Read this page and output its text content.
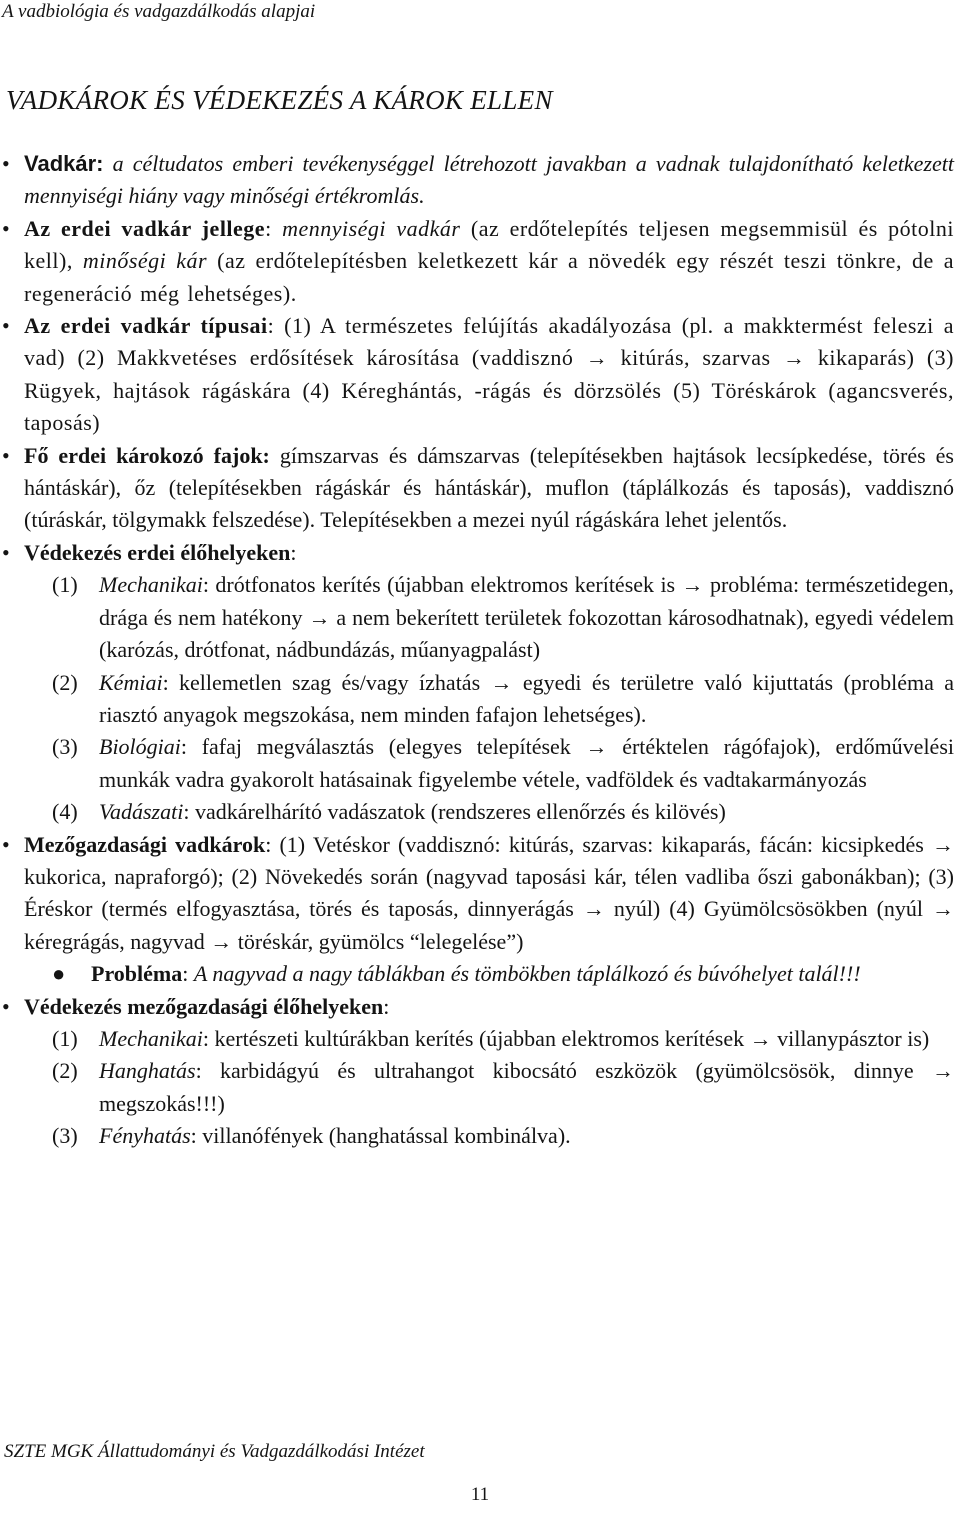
A vadbiológia és vadgazdálkodás alapjai
VADKÁROK ÉS VÉDEKEZÉS A KÁROK ELLEN
• Vadkár: a céltudatos emberi tevékenységgel létrehozott javakban a vadnak tulajdonítható keletkezett mennyiségi hiány vagy minőségi értékromlás.
• Az erdei vadkár jellege: mennyiségi vadkár (az erdőtelepítés teljesen megsemmisül és pótolni kell), minőségi kár (az erdőtelepítésben keletkezett kár a növedék egy részét teszi tönkre, de a regeneráció még lehetséges).
• Az erdei vadkár típusai: (1) A természetes felújítás akadályozása (pl. a makktermést feleszi a vad) (2) Makkvetéses erdősítések károsítása (vaddisznó → kitúrás, szarvas → kikaparás) (3) Rügyek, hajtások rágáskára (4) Kéreghántás, -rágás és dörzsölés (5) Töréskárok (agancsverés, taposás)
• Fő erdei károkozó fajok: gímszarvas és dámszarvas (telepítésekben hajtások lecsípkedése, törés és hántáskár), őz (telepítésekben rágáskár és hántáskár), muflon (táplálkozás és taposás), vaddisznó (túráskár, tölgymakk felszedése). Telepítésekben a mezei nyúl rágáskára lehet jelentős.
• Védekezés erdei élőhelyeken:
(1) Mechanikai: drótfonatos kerítés (újabban elektromos kerítések is → probléma: természetidegen, drága és nem hatékony → a nem bekerített területek fokozottan károsodhatnak), egyedi védelem (karózás, drótfonat, nádbundázás, műanyagpalást)
(2) Kémiai: kellemetlen szag és/vagy ízhatás → egyedi és területre való kijuttatás (probléma a riasztó anyagok megszokása, nem minden fafajon lehetséges).
(3) Biológiai: fafaj megválasztás (elegyes telepítések → értéktelen rágófajok), erdőművelési munkák vadra gyakorolt hatásainak figyelembe vétele, vadföldek és vadtakarmányozás
(4) Vadászati: vadkárelhárító vadászatok (rendszeres ellenőrzés és kilövés)
• Mezőgazdasági vadkárok: (1) Vetéskor (vaddisznó: kitúrás, szarvas: kikaparás, fácán: kicsipkedés → kukorica, napraforgó); (2) Növekedés során (nagyvad taposási kár, télen vadliba őszi gabonákban); (3) Éréskor (termés elfogyasztása, törés és taposás, dinnyerágás → nyúl) (4) Gyümölcsösökben (nyúl → kéregrágás, nagyvad → töréskár, gyümölcs “lelegelése”)
● Probléma: A nagyvad a nagy táblákban és tömbökben táplálkozó és búvóhelyet talál!!!
• Védekezés mezőgazdasági élőhelyeken:
(1) Mechanikai: kertészeti kultúrákban kerítés (újabban elektromos kerítések → villanypásztor is)
(2) Hanghatás: karbidágyú és ultrahangot kibocsátó eszközök (gyümölcsösök, dinnye → megszokás!!!)
(3) Fényhatás: villanófények (hanghatással kombinálva).
SZTE MGK Állattudományi és Vadgazdálkodási Intézet
11
